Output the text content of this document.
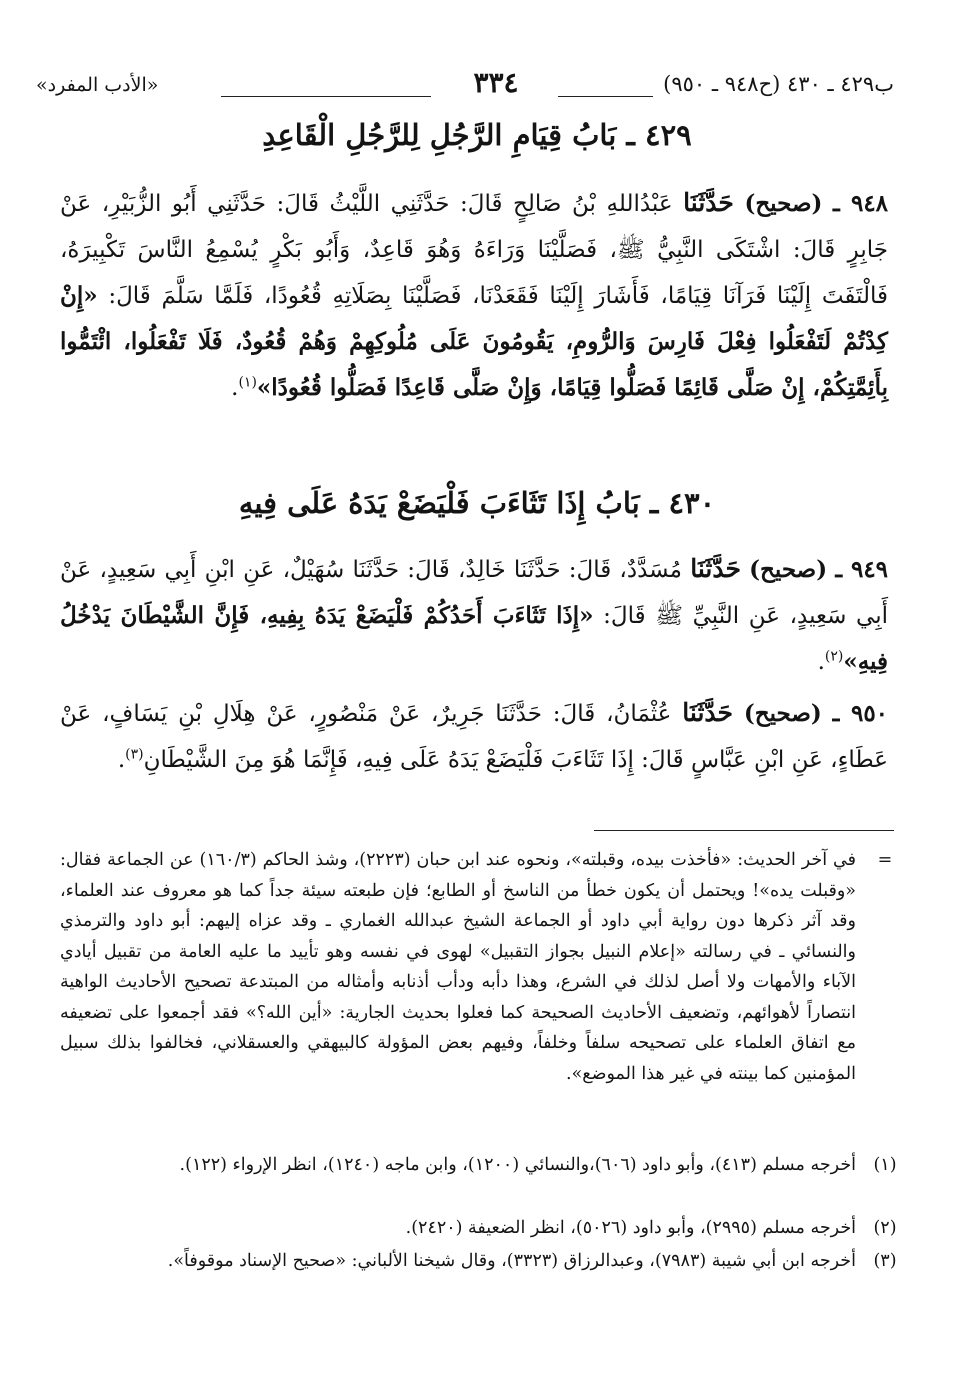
ب٤٢٩ ـ ٤٣٠ (ح٩٤٨ ـ ٩٥٠)
٣٣٤
«الأدب المفرد»
٤٢٩ ـ بَابُ قِيَامِ الرَّجُلِ لِلرَّجُلِ الْقَاعِدِ
٩٤٨ ـ (صحيح) حَدَّثَنَا عَبْدُاللهِ بْنُ صَالِحٍ قَالَ: حَدَّثَنِي اللَّيْثُ قَالَ: حَدَّثَنِي أَبُو الزُّبَيْرِ، عَنْ جَابِرٍ قَالَ: اشْتَكَى النَّبِيُّ ﷺ، فَصَلَّيْنَا وَرَاءَهُ وَهُوَ قَاعِدٌ، وَأَبُو بَكْرٍ يُسْمِعُ النَّاسَ تَكْبِيرَهُ، فَالْتَفَتَ إِلَيْنَا فَرَآنَا قِيَامًا، فَأَشَارَ إِلَيْنَا فَقَعَدْنَا، فَصَلَّيْنَا بِصَلَاتِهِ قُعُودًا، فَلَمَّا سَلَّمَ قَالَ: «إِنْ كِدْتُمْ لَتَفْعَلُوا فِعْلَ فَارِسَ وَالرُّومِ، يَقُومُونَ عَلَى مُلُوكِهِمْ وَهُمْ قُعُودٌ، فَلَا تَفْعَلُوا، ائْتَمُّوا بِأَئِمَّتِكُمْ، إِنْ صَلَّى قَائِمًا فَصَلُّوا قِيَامًا، وَإِنْ صَلَّى قَاعِدًا فَصَلُّوا قُعُودًا»$^{(١)}$.
٤٣٠ ـ بَابُ إِذَا تَثَاءَبَ فَلْيَضَعْ يَدَهُ عَلَى فِيهِ
٩٤٩ ـ (صحيح) حَدَّثَنَا مُسَدَّدٌ، قَالَ: حَدَّثَنَا خَالِدٌ، قَالَ: حَدَّثَنَا سُهَيْلٌ، عَنِ ابْنِ أَبِي سَعِيدٍ، عَنْ أَبِي سَعِيدٍ، عَنِ النَّبِيِّ ﷺ قَالَ: «إِذَا تَثَاءَبَ أَحَدُكُمْ فَلْيَضَعْ يَدَهُ بِفِيهِ، فَإِنَّ الشَّيْطَانَ يَدْخُلُ فِيهِ»$^{(٢)}$.
٩٥٠ ـ (صحيح) حَدَّثَنَا عُثْمَانُ، قَالَ: حَدَّثَنَا جَرِيرٌ، عَنْ مَنْصُورٍ، عَنْ هِلَالِ بْنِ يَسَافٍ، عَنْ عَطَاءٍ، عَنِ ابْنِ عَبَّاسٍ قَالَ: إِذَا تَثَاءَبَ فَلْيَضَعْ يَدَهُ عَلَى فِيهِ، فَإِنَّمَا هُوَ مِنَ الشَّيْطَانِ$^{(٣)}$.
=
في آخر الحديث: «فأخذت بيده، وقبلته»، ونحوه عند ابن حبان (٢٢٢٣)، وشذ الحاكم (١٦٠/٣) عن الجماعة فقال: «وقبلت يده»! ويحتمل أن يكون خطأ من الناسخ أو الطابع؛ فإن طبعته سيئة جداً كما هو معروف عند العلماء، وقد آثر ذكرها دون رواية أبي داود أو الجماعة الشيخ عبدالله الغماري ـ وقد عزاه إليهم: أبو داود والترمذي والنسائي ـ في رسالته «إعلام النبيل بجواز التقبيل» لهوى في نفسه وهو تأييد ما عليه العامة من تقبيل أيادي الآباء والأمهات ولا أصل لذلك في الشرع، وهذا دأبه ودأب أذنابه وأمثاله من المبتدعة تصحيح الأحاديث الواهية انتصاراً لأهوائهم، وتضعيف الأحاديث الصحيحة كما فعلوا بحديث الجارية: «أين الله؟» فقد أجمعوا على تضعيفه مع اتفاق العلماء على تصحيحه سلفاً وخلفاً، وفيهم بعض المؤولة كالبيهقي والعسقلاني، فخالفوا بذلك سبيل المؤمنين كما بينته في غير هذا الموضع».
(١)
أخرجه مسلم (٤١٣)، وأبو داود (٦٠٦)،والنسائي (١٢٠٠)، وابن ماجه (١٢٤٠)، انظر الإرواء (١٢٢).
(٢)
أخرجه مسلم (٢٩٩٥)، وأبو داود (٥٠٢٦)، انظر الضعيفة (٢٤٢٠).
(٣)
أخرجه ابن أبي شيبة (٧٩٨٣)، وعبدالرزاق (٣٣٢٣)، وقال شيخنا الألباني: «صحيح الإسناد موقوفاً».
